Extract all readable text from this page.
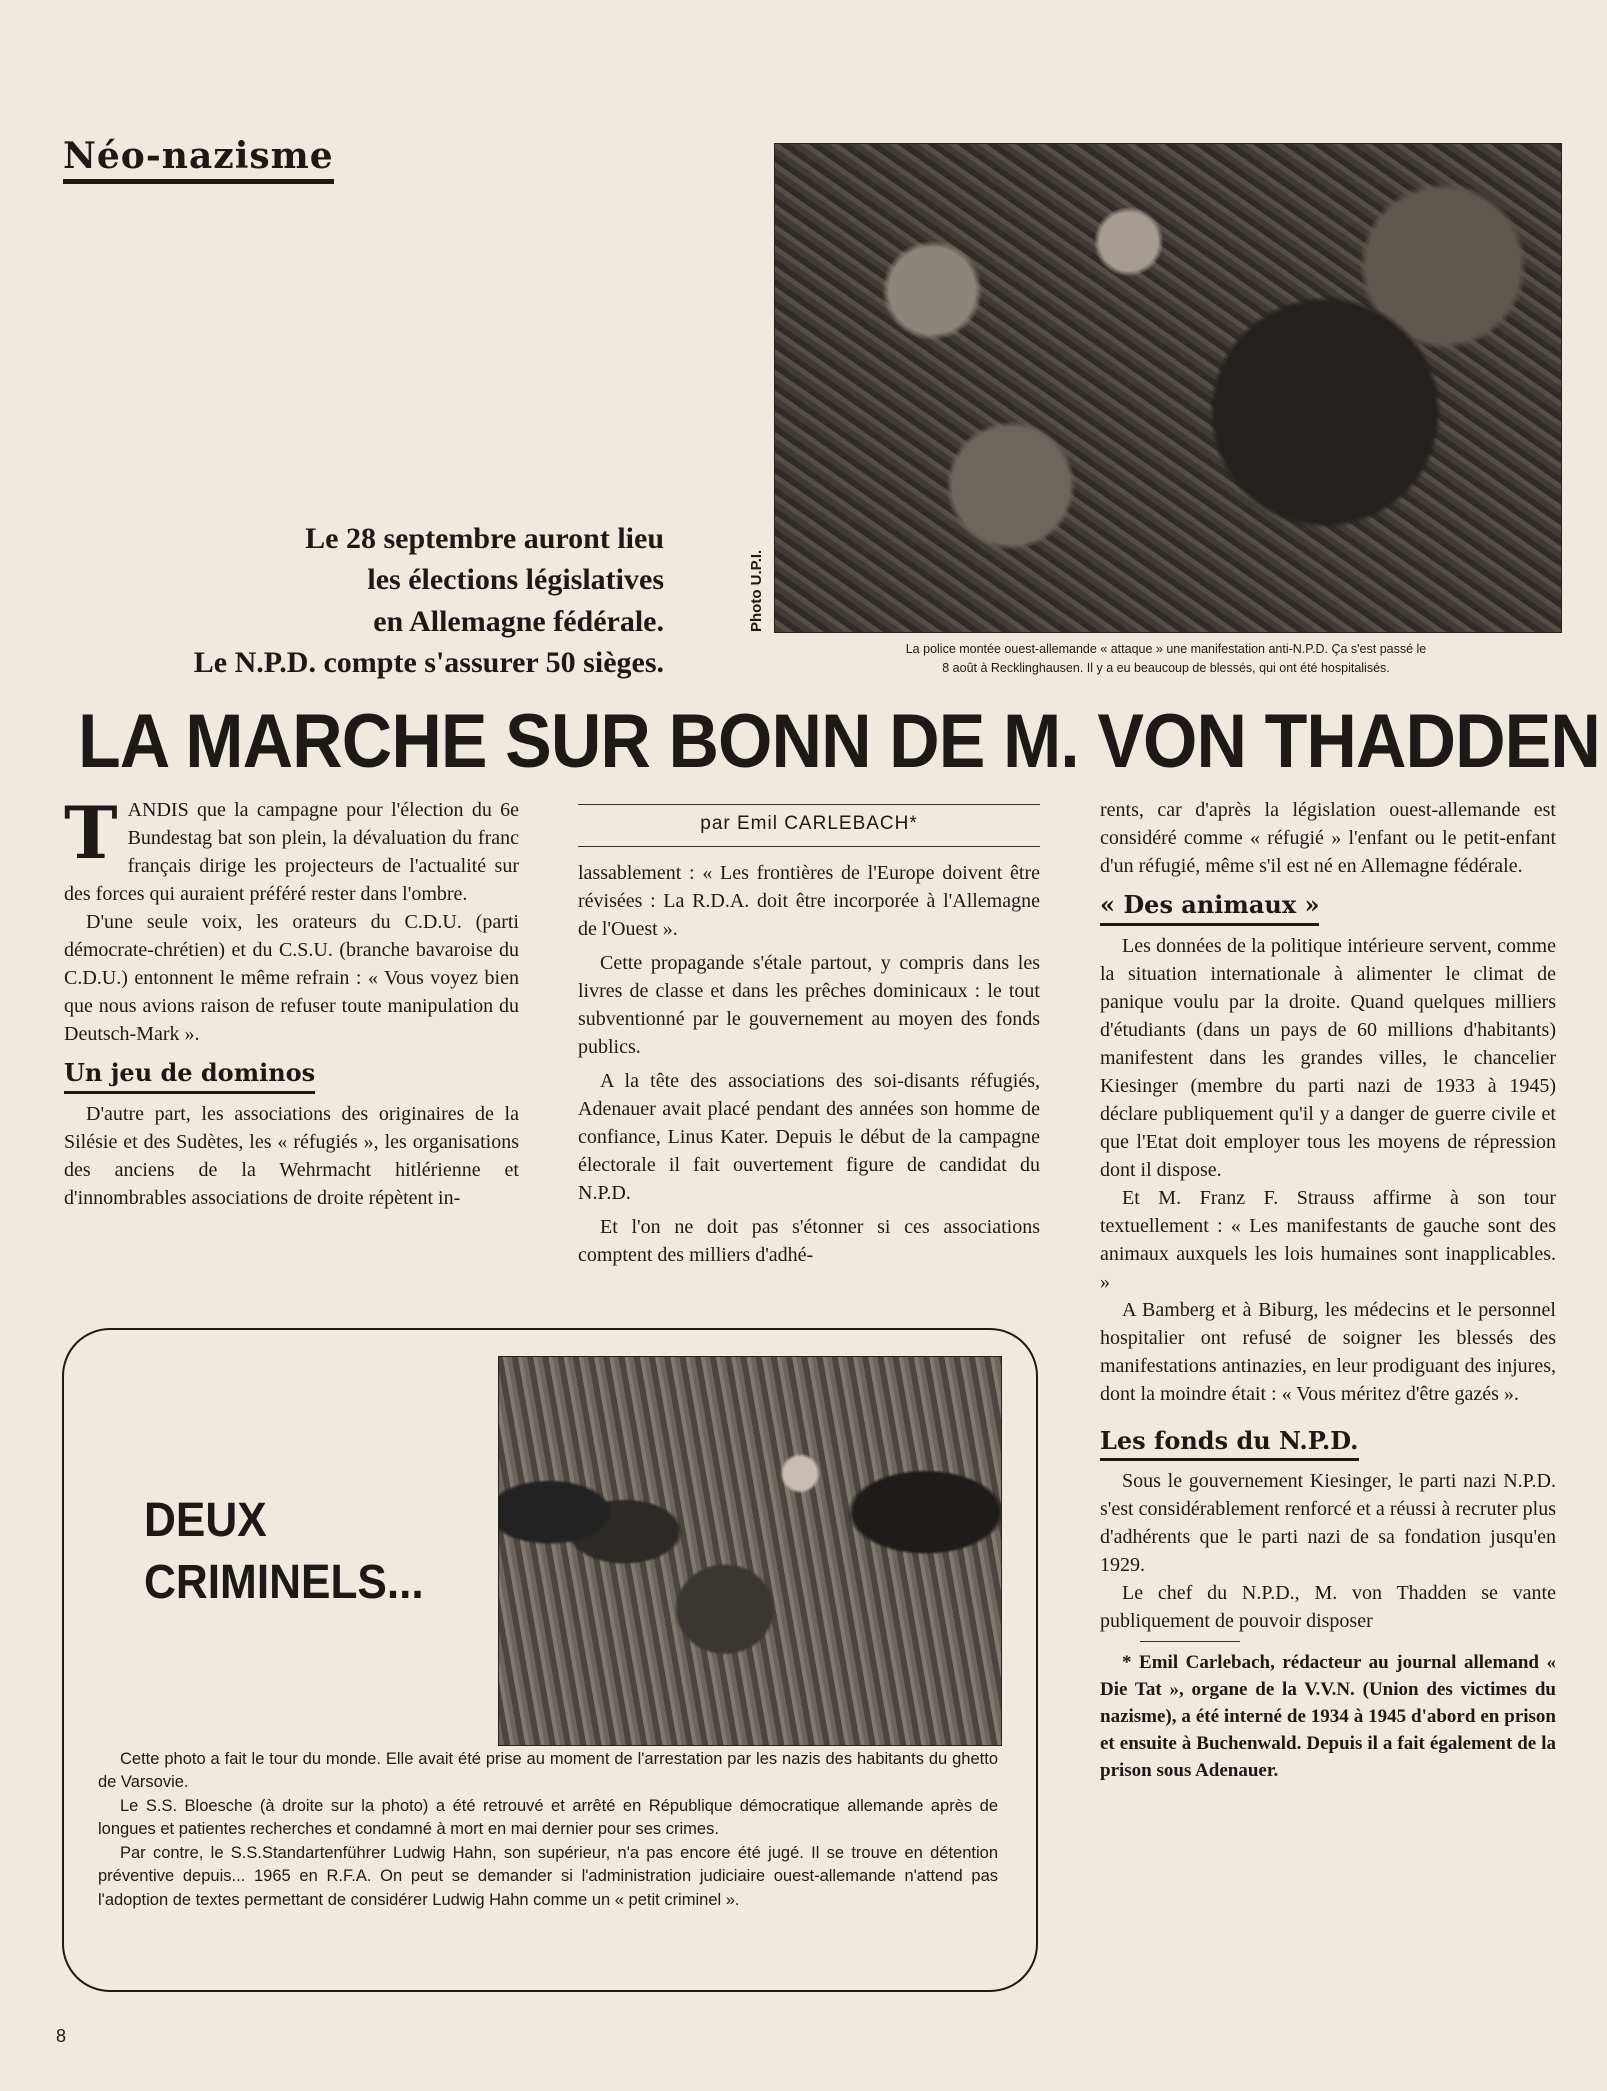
Néo-nazisme
Photo U.P.I.
La police montée ouest-allemande « attaque » une manifestation anti-N.P.D. Ça s'est passé le
8 août à Recklinghausen. Il y a eu beaucoup de blessés, qui ont été hospitalisés.
Le 28 septembre auront lieu
les élections législatives
en Allemagne fédérale.
Le N.P.D. compte s'assurer 50 sièges.
LA MARCHE SUR BONN DE M. VON THADDEN

TANDIS que la campagne pour l'élection du 6e Bundestag bat son plein, la dévaluation du franc français dirige les projecteurs de l'actualité sur des forces qui auraient préféré rester dans l'ombre.

D'une seule voix, les orateurs du C.D.U. (parti démocrate-chrétien) et du C.S.U. (branche bavaroise du C.D.U.) entonnent le même refrain : « Vous voyez bien que nous avions raison de refuser toute manipulation du Deutsch-Mark ».

Un jeu de dominos

D'autre part, les associations des originaires de la Silésie et des Sudètes, les « réfugiés », les organisations des anciens de la Wehrmacht hitlérienne et d'innombrables associations de droite répètent in-

par Emil CARLEBACH*

lassablement : « Les frontières de l'Europe doivent être révisées : La R.D.A. doit être incorporée à l'Allemagne de l'Ouest ».

Cette propagande s'étale partout, y compris dans les livres de classe et dans les prêches dominicaux : le tout subventionné par le gouvernement au moyen des fonds publics.

A la tête des associations des soi-disants réfugiés, Adenauer avait placé pendant des années son homme de confiance, Linus Kater. Depuis le début de la campagne électorale il fait ouvertement figure de candidat du N.P.D.

Et l'on ne doit pas s'étonner si ces associations comptent des milliers d'adhé-

rents, car d'après la législation ouest-allemande est considéré comme « réfugié » l'enfant ou le petit-enfant d'un réfugié, même s'il est né en Allemagne fédérale.

« Des animaux »

Les données de la politique intérieure servent, comme la situation internationale à alimenter le climat de panique voulu par la droite. Quand quelques milliers d'étudiants (dans un pays de 60 millions d'habitants) manifestent dans les grandes villes, le chancelier Kiesinger (membre du parti nazi de 1933 à 1945) déclare publiquement qu'il y a danger de guerre civile et que l'Etat doit employer tous les moyens de répression dont il dispose.

Et M. Franz F. Strauss affirme à son tour textuellement : « Les manifestants de gauche sont des animaux auxquels les lois humaines sont inapplicables. »

A Bamberg et à Biburg, les médecins et le personnel hospitalier ont refusé de soigner les blessés des manifestations antinazies, en leur prodiguant des injures, dont la moindre était : « Vous méritez d'être gazés ».

Les fonds du N.P.D.

Sous le gouvernement Kiesinger, le parti nazi N.P.D. s'est considérablement renforcé et a réussi à recruter plus d'adhérents que le parti nazi de sa fondation jusqu'en 1929.

Le chef du N.P.D., M. von Thadden se vante publiquement de pouvoir disposer

* Emil Carlebach, rédacteur au journal allemand « Die Tat », organe de la V.V.N. (Union des victimes du nazisme), a été interné de 1934 à 1945 d'abord en prison et ensuite à Buchenwald. Depuis il a fait également de la prison sous Adenauer.
DEUX
CRIMINELS...

Cette photo a fait le tour du monde. Elle avait été prise au moment de l'arrestation par les nazis des habitants du ghetto de Varsovie.

Le S.S. Bloesche (à droite sur la photo) a été retrouvé et arrêté en République démocratique allemande après de longues et patientes recherches et condamné à mort en mai dernier pour ses crimes.

Par contre, le S.S.Standartenführer Ludwig Hahn, son supérieur, n'a pas encore été jugé. Il se trouve en détention préventive depuis... 1965 en R.F.A. On peut se demander si l'administration judiciaire ouest-allemande n'attend pas l'adoption de textes permettant de considérer Ludwig Hahn comme un « petit criminel ».

8
